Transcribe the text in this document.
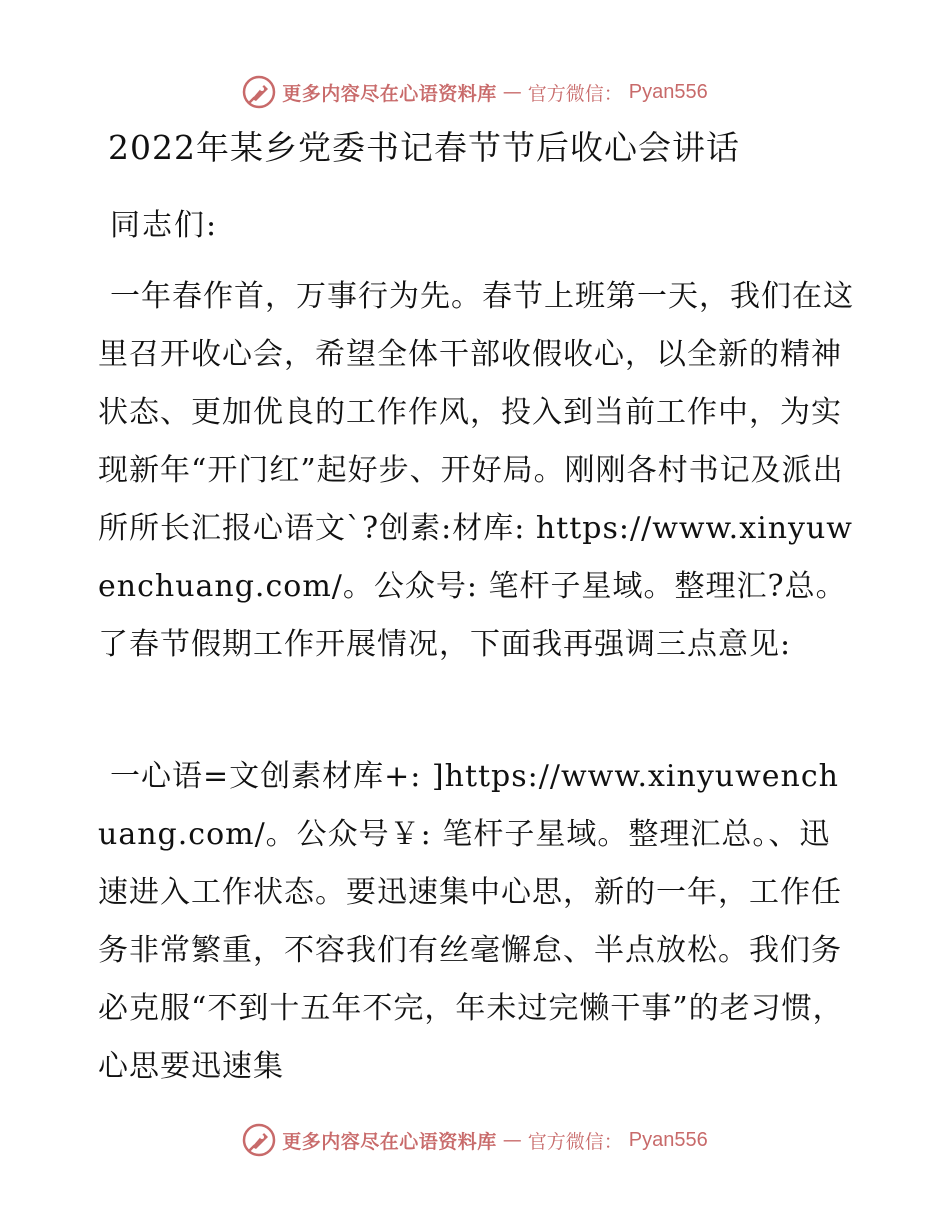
更多内容尽在心语资料库 — 官方微信： Pyan556
2022年某乡党委书记春节节后收心会讲话

同志们:

一年春作首，万事行为先。春节上班第一天，我们在这里召开收心会，希望全体干部收假收心，以全新的精神状态、更加优良的工作作风，投入到当前工作中，为实现新年“开门红”起好步、开好局。刚刚各村书记及派出所所长汇报心语文`?创素:材库: https://www.xinyuwenchuang.com/。公众号: 笔杆子星域。整理汇?总。了春节假期工作开展情况，下面我再强调三点意见:

一心语=文创素材库+: ]https://www.xinyuwenchuang.com/。公众号￥: 笔杆子星域。整理汇总。、迅速进入工作状态。要迅速集中心思，新的一年，工作任务非常繁重，不容我们有丝毫懈怠、半点放松。我们务必克服“不到十五年不完，年未过完懒干事”的老习惯，心思要迅速集

更多内容尽在心语资料库 — 官方微信： Pyan556
